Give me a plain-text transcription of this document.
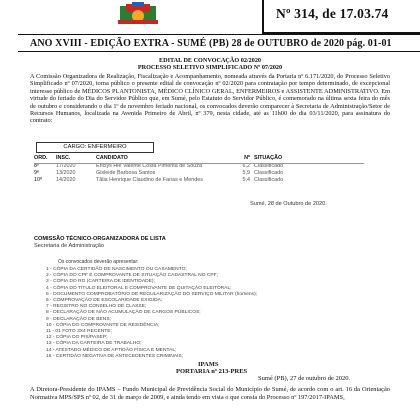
Nº 314, de 17.03.74
ANO XVIII - EDIÇÃO EXTRA - SUMÉ (PB) 28 de OUTUBRO de 2020 pág. 01-01
EDITAL DE CONVOCAÇÃO 02/2020
PROCESSO SELETIVO SIMPLIFICADO Nº 07/2020
A Comissão Organizadora de Realização, Fiscalização e Acompanhamento, nomeada através da Portaria nº 6.171/2020, do Processo Seletivo Simplificado nº 07/2020, torna público o presente edital de convocação nº 02/2020 para contratação por tempo determinado, de excepcional interesse público de MÉDICOS PLANTONISTA, MÉDICO CLÍNICO GERAL, ENFERMEIROS e ASSISTENTE ADMINISTRATIVO. Em virtude do feriado do Dia do Servidor Público que, em Sumé, pelo Estatuto do Servidor Público, é comemorado na última sexta feira do mês de outubro e considerando o dia 1º de novembro feriado nacional, os convocados deverão comparecer à Secretaria de Administração/Setor de Recursos Humanos, localizada na Avenida Primeiro de Abril, nº 379, nesta cidade, até as 11h00 do dia 03/11/2020, para assinatura do contrato:
CARGO: ENFERMEIRO
ORD.	INSC.	CANDIDATO	Nº SITUAÇÃO
8º	17/2020	Ericlys Hiê Valente Costa Pimenta de Souza	6,2 Classificado
9º	13/2020	Gisleide Barbosa Santos	5,9 Classificado
10º	14/2020	Tâlia Henrique Claudino de Farias e Mendes	5,4 Classificado
Sumé, 28 de Outubro de 2020.
COMISSÃO TÉCNICO-ORGANIZADORA DE LISTA
Secretaria de Administração
Os convocados deverão apresentar:
1 - CÓPIA DA CERTIDÃO DE NASCIMENTO OU CASAMENTO;
2 - CÓPIA DO CPF E COMPROVANTE DE SITUAÇÃO CADASTRAL NO CPF;
3 - CÓPIA DO RG (CARTEIRA DE IDENTIDADE);
4 - CÓPIA DO TÍTULO ELEITORAL E COMPROVANTE DE QUITAÇÃO ELEITORAL;
5 - DOCUMENTO COMPROBATÓRIO DE REGULARIZAÇÃO DO SERVIÇO MILITAR (homens);
6 - COMPROVAÇÃO DE ESCOLARIDADE EXIGIDA;
7 - REGISTRO NO CONSELHO DE CLASSE;
8 - DECLARAÇÃO DE NÃO ACUMULAÇÃO DE CARGOS PÚBLICOS;
9 - DECLARAÇÃO DE BENS;
10 - CÓPIA DO COMPROVANTE DE RESIDÊNCIA;
11 - 01 FOTO 3X4 RECENTE;
12 - CÓPIA DO PIS/PASEP;
13 - CÓPIA DA CARTEIRA DE TRABALHO;
14 - ATESTADO MÉDICO DE APTIDÃO FÍSICA E MENTAL;
15 - CERTIDÃO NEGATIVA DE ANTECEDENTES CRIMINAIS;
IPAMS
PORTARIA nº 213-PRES
Sumé (PB), 27 de outubro de 2020.
A Diretora-Presidente do IPAMS – Fundo Municipal de Previdência Social do Município de Sumé, de acordo com o art. 16 da Orientação Normativa MPS/SPS nº 02, de 31 de março de 2009, e ainda tendo em vista o que consta do Processo nº 197/2017-IPAMS,
